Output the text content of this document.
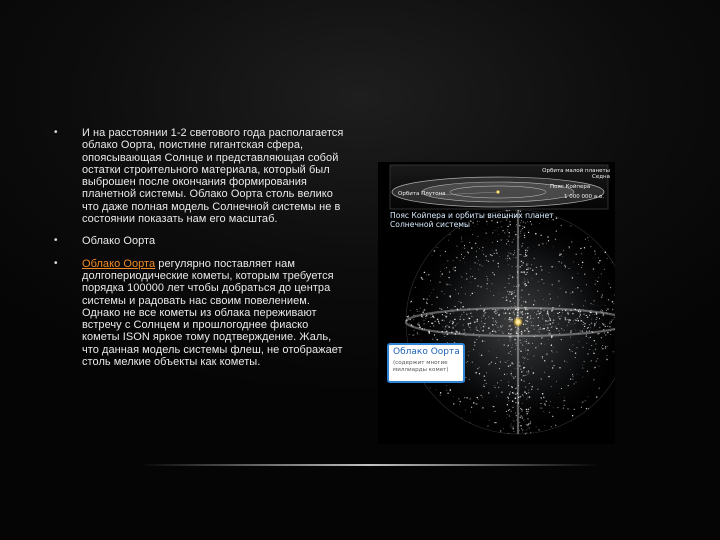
• И на расстоянии 1-2 светового года располагается облако Оорта, поистине гигантская сфера, опоясывающая Солнце и представляющая собой остатки строительного материала, который был выброшен после окончания формирования планетной системы. Облако Оорта столь велико что даже полная модель Солнечной системы не в состоянии показать нам его масштаб.
• Облако Оорта
• Облако Оорта регулярно поставляет нам долгопериодические кометы, которым требуется порядка 100000 лет чтобы добраться до центра системы и радовать нас своим повелением. Однако не все кометы из облака переживают встречу с Солнцем и прошлогоднее фиаско кометы ISON яркое тому подтверждение. Жаль, что данная модель системы флеш, не отображает столь мелкие объекты как кометы.
Орбита малой планеты Седна
Орбита Плутона
Пояс Койпера
1 000 000 а.е.
Пояс Койпера и орбиты внешних планет Солнечной системы
Облако Оорта
(содержит многие миллиарды комет)
